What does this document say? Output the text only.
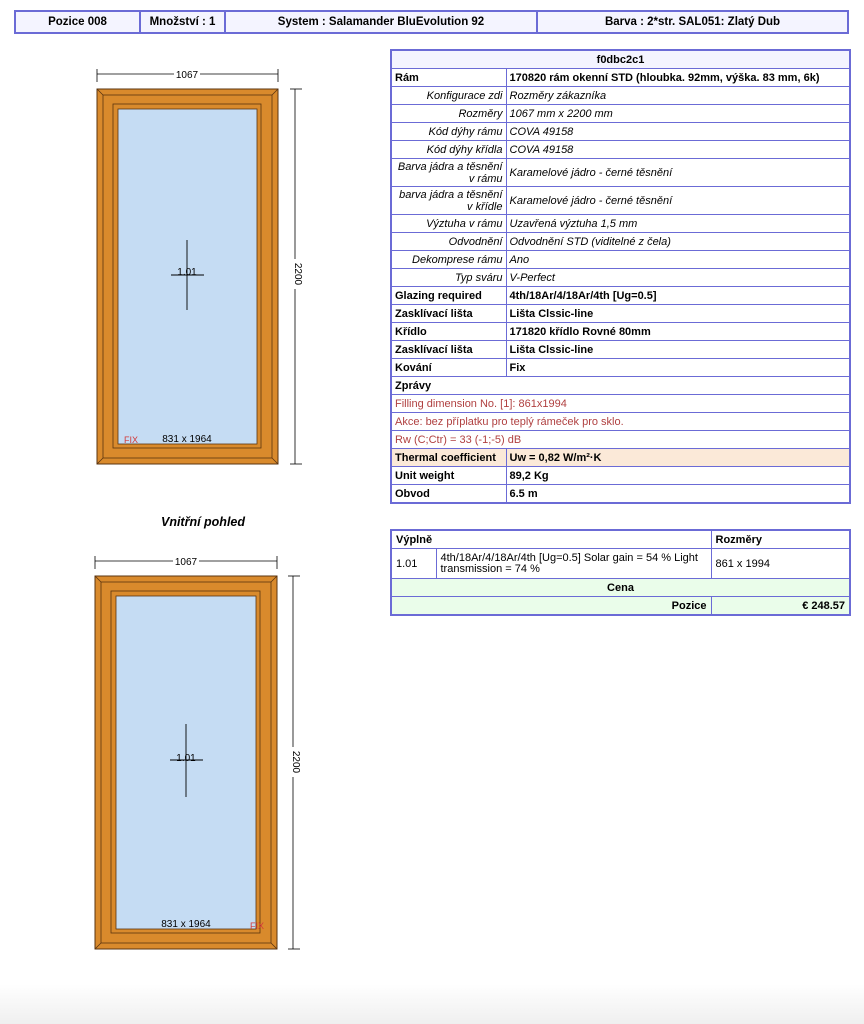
Pozice 008	Množství : 1	System : Salamander BluEvolution 92	Barva : 2*str. SAL051: Zlatý Dub
1067
2200
1.01
831 x 1964
FIX
Vnitřní pohled
1067
2200
1.01
831 x 1964	FIX
f0dbc2c1	
Rám	170820 rám okenní STD (hloubka. 92mm, výška. 83 mm, 6k)
Konfigurace zdi	Rozměry zákazníka
Rozměry	1067 mm x 2200 mm
Kód dýhy rámu	COVA 49158
Kód dýhy křídla	COVA 49158
Barva jádra a těsnění v rámu	Karamelové jádro - černé těsnění
barva jádra a těsnění v křídle	Karamelové jádro - černé těsnění
Výztuha v rámu	Uzavřená výztuha 1,5 mm
Odvodnění	Odvodnění STD (viditelné z čela)
Dekomprese rámu	Ano
Typ sváru	V-Perfect
Glazing required	4th/18Ar/4/18Ar/4th [Ug=0.5]
Zasklívací lišta	Lišta Clssic-line
Křídlo	171820 křídlo Rovné 80mm
Zasklívací lišta	Lišta Clssic-line
Kování	Fix
Zprávy	
Filling dimension No. [1]: 861x1994	
Akce: bez příplatku pro teplý rámeček pro sklo.	
Rw (C;Ctr) = 33 (-1;-5) dB	
Thermal coefficient	Uw = 0,82 W/m²·K
Unit weight	89,2 Kg
Obvod	6.5 m
Výplně		Rozměry
1.01	4th/18Ar/4/18Ar/4th [Ug=0.5] Solar gain = 54 % Light transmission = 74 %	861 x 1994
Cena		
Pozice		€ 248.57
